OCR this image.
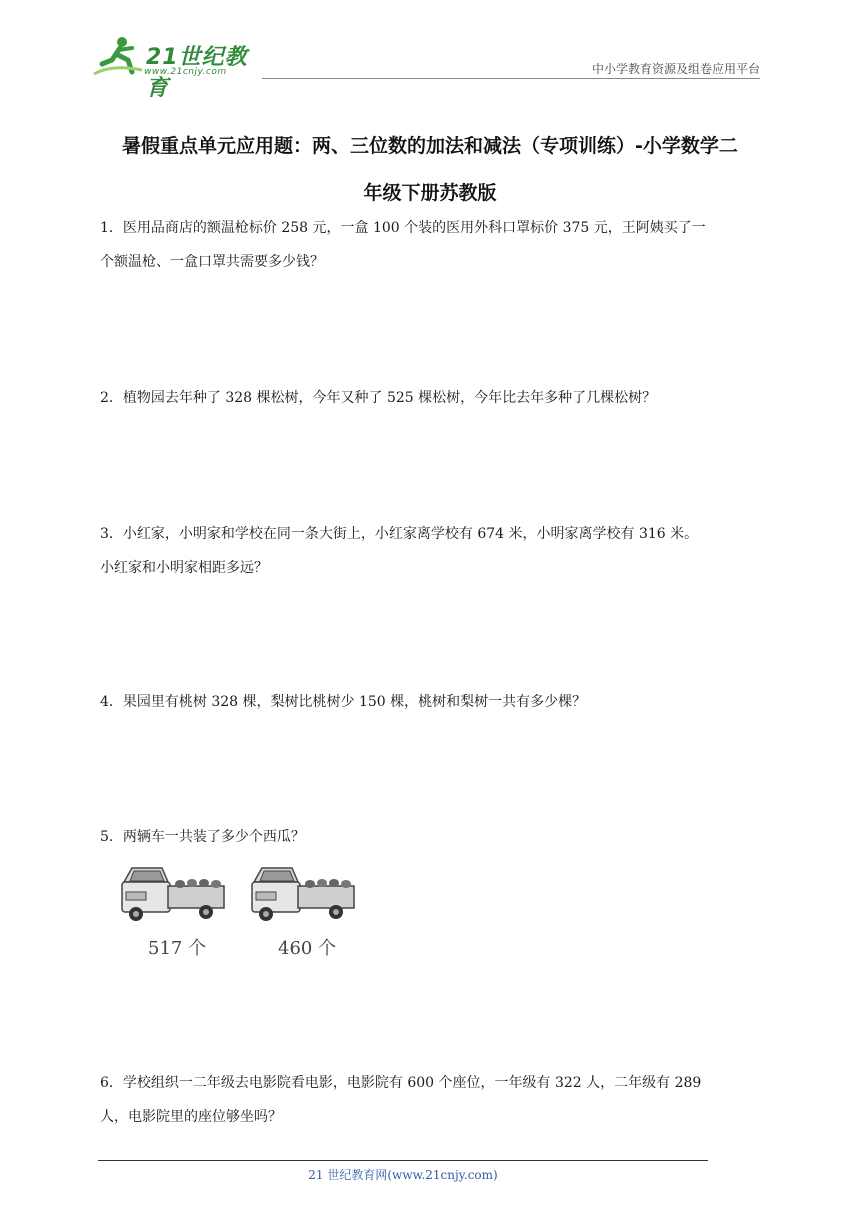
21世纪教育
www.21cnjy.com	中小学教育资源及组卷应用平台
暑假重点单元应用题：两、三位数的加法和减法（专项训练）-小学数学二
年级下册苏教版
1．医用品商店的额温枪标价 258 元，一盒 100 个装的医用外科口罩标价 375 元，王阿姨买了一
个额温枪、一盒口罩共需要多少钱？
2．植物园去年种了 328 棵松树，今年又种了 525 棵松树，今年比去年多种了几棵松树？
3．小红家，小明家和学校在同一条大街上，小红家离学校有 674 米，小明家离学校有 316 米。
小红家和小明家相距多远？
4．果园里有桃树 328 棵，梨树比桃树少 150 棵，桃树和梨树一共有多少棵？
5．两辆车一共装了多少个西瓜？
517 个	460 个
6．学校组织一二年级去电影院看电影，电影院有 600 个座位，一年级有 322 人，二年级有 289
人，电影院里的座位够坐吗？
21 世纪教育网(www.21cnjy.com)
